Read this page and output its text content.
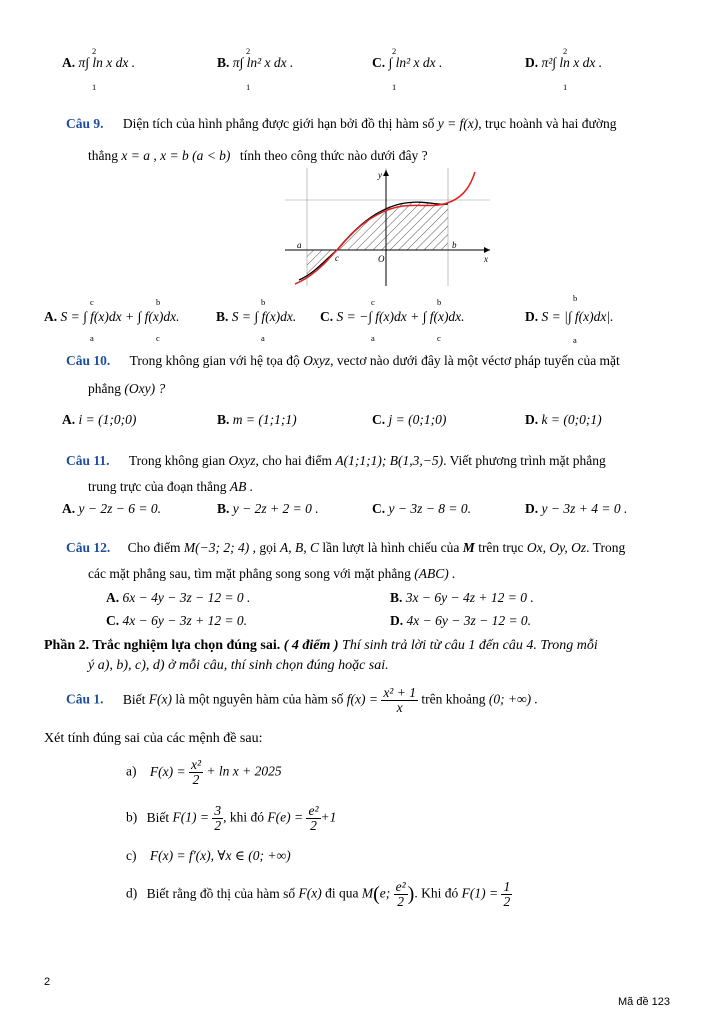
A. π∫ ln x dx .
2
1
B. π∫ ln² x dx .
2
1
C. ∫ ln² x dx .
2
1
D. π²∫ ln x dx .
2
1
Câu 9. Diện tích của hình phẳng được giới hạn bởi đồ thị hàm số y = f(x), trục hoành và hai đường
thẳng x = a , x = b (a < b) tính theo công thức nào dưới đây ?
y
x
a	b
c	O
A. S = ∫ f(x)dx + ∫ f(x)dx.
c
a
b
c
B. S = ∫ f(x)dx.
b
a
C. S = −∫ f(x)dx + ∫ f(x)dx.
c
a
b
c
D. S = |∫ f(x)dx|.
b
a
Câu 10. Trong không gian với hệ tọa độ Oxyz, vectơ nào dưới đây là một véctơ pháp tuyến của mặt
phẳng (Oxy) ?
A. i = (1;0;0)	B. m = (1;1;1)	C. j = (0;1;0)	D. k = (0;0;1)
Câu 11. Trong không gian Oxyz, cho hai điểm A(1;1;1); B(1,3,−5). Viết phương trình mặt phẳng
trung trực của đoạn thẳng AB .
A. y − 2z − 6 = 0.	B. y − 2z + 2 = 0 .	C. y − 3z − 8 = 0.	D. y − 3z + 4 = 0 .
Câu 12. Cho điểm M(−3; 2; 4) , gọi A, B, C lần lượt là hình chiếu của M trên trục Ox, Oy, Oz. Trong
các mặt phẳng sau, tìm mặt phẳng song song với mặt phẳng (ABC) .
A. 6x − 4y − 3z − 12 = 0 .	B. 3x − 6y − 4z + 12 = 0 .
C. 4x − 6y − 3z + 12 = 0.	D. 4x − 6y − 3z − 12 = 0.
Phần 2. Trắc nghiệm lựa chọn đúng sai. ( 4 điểm ) Thí sinh trả lời từ câu 1 đến câu 4. Trong mỗi
ý a), b), c), d) ở mỗi câu, thí sinh chọn đúng hoặc sai.
Câu 1. Biết F(x) là một nguyên hàm của hàm số $f(x) = \frac{\text{x² + 1}}{x}$ trên khoảng (0; +∞) .
Xét tính đúng sai của các mệnh đề sau:
a) $F(x) = \frac{\text{x²}}{2} + \ln x + 2025$
b) Biết $F(1) = \frac{3}{2}$ , khi đó $F(e) = \frac{\text{e²}}{2} +1$
c) F(x) = f′(x), ∀x ∈ (0; +∞)
d) Biết rằng đồ thị của hàm số F(x) đi qua M(e; $\frac{\text{e²}}{2}$ ). Khi đó $F(1) = \frac{1}{2}$
2
Mã đề 123
